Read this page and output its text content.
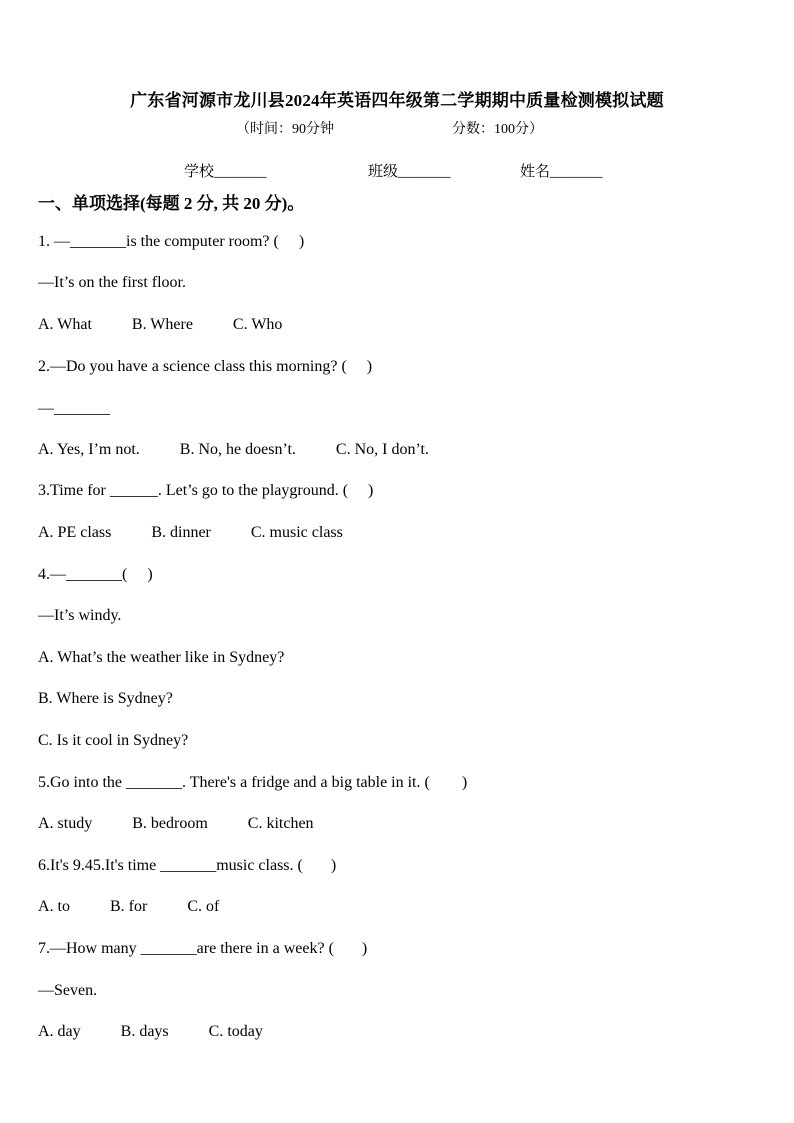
广东省河源市龙川县2024年英语四年级第二学期期中质量检测模拟试题
（时间：90分钟	分数：100分）
学校_______	班级_______	姓名_______
一、单项选择(每题 2 分, 共 20 分)。
1. —_______is the computer room? (     )
—It’s on the first floor.
A. What          B. Where          C. Who
2.—Do you have a science class this morning? (     )
—_______
A. Yes, I’m not.          B. No, he doesn’t.          C. No, I don’t.
3.Time for ______. Let’s go to the playground. (     )
A. PE class          B. dinner          C. music class
4.—_______(     )
—It’s windy.
A. What’s the weather like in Sydney?
B. Where is Sydney?
C. Is it cool in Sydney?
5.Go into the _______. There's a fridge and a big table in it. (        )
A. study          B. bedroom          C. kitchen
6.It's 9.45.It's time _______music class. (       )
A. to          B. for          C. of
7.—How many _______are there in a week? (       )
—Seven.
A. day          B. days          C. today
